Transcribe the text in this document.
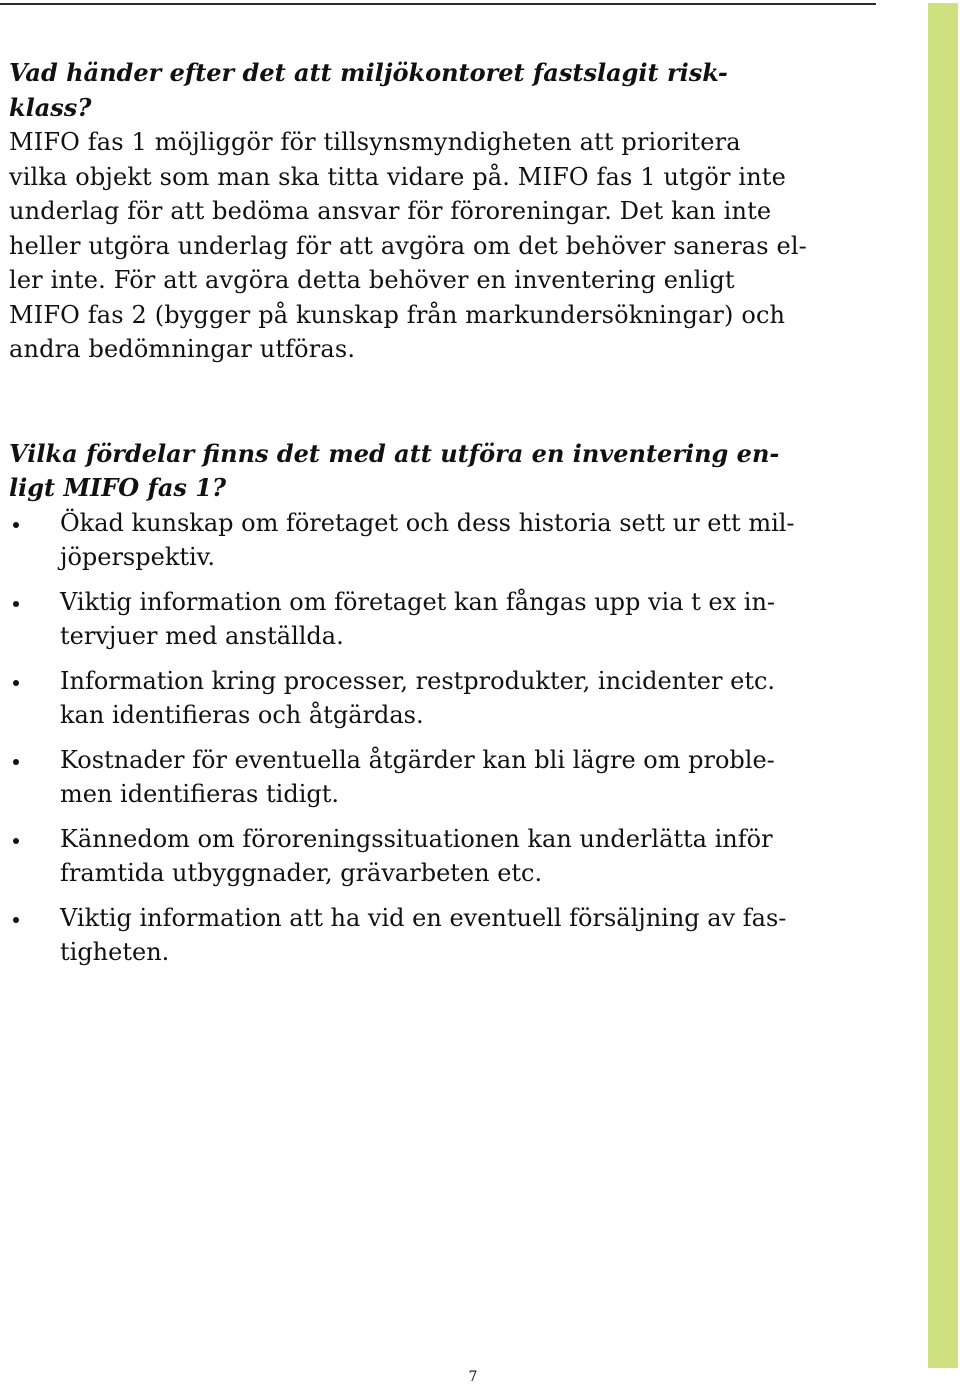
Vad händer efter det att miljökontoret fastslagit risk-
klass?

MIFO fas 1 möjliggör för tillsynsmyndigheten att prioritera
vilka objekt som man ska titta vidare på. MIFO fas 1 utgör inte
underlag för att bedöma ansvar för föroreningar. Det kan inte
heller utgöra underlag för att avgöra om det behöver saneras el-
ler inte. För att avgöra detta behöver en inventering enligt
MIFO fas 2 (bygger på kunskap från markundersökningar) och
andra bedömningar utföras.

Vilka fördelar finns det med att utföra en inventering en-
ligt MIFO fas 1?
Ökad kunskap om företaget och dess historia sett ur ett mil-
jöperspektiv.
Viktig information om företaget kan fångas upp via t ex in-
tervjuer med anställda.
Information kring processer, restprodukter, incidenter etc.
kan identifieras och åtgärdas.
Kostnader för eventuella åtgärder kan bli lägre om proble-
men identifieras tidigt.
Kännedom om föroreningssituationen kan underlätta inför
framtida utbyggnader, grävarbeten etc.
Viktig information att ha vid en eventuell försäljning av fas-
tigheten.
7
